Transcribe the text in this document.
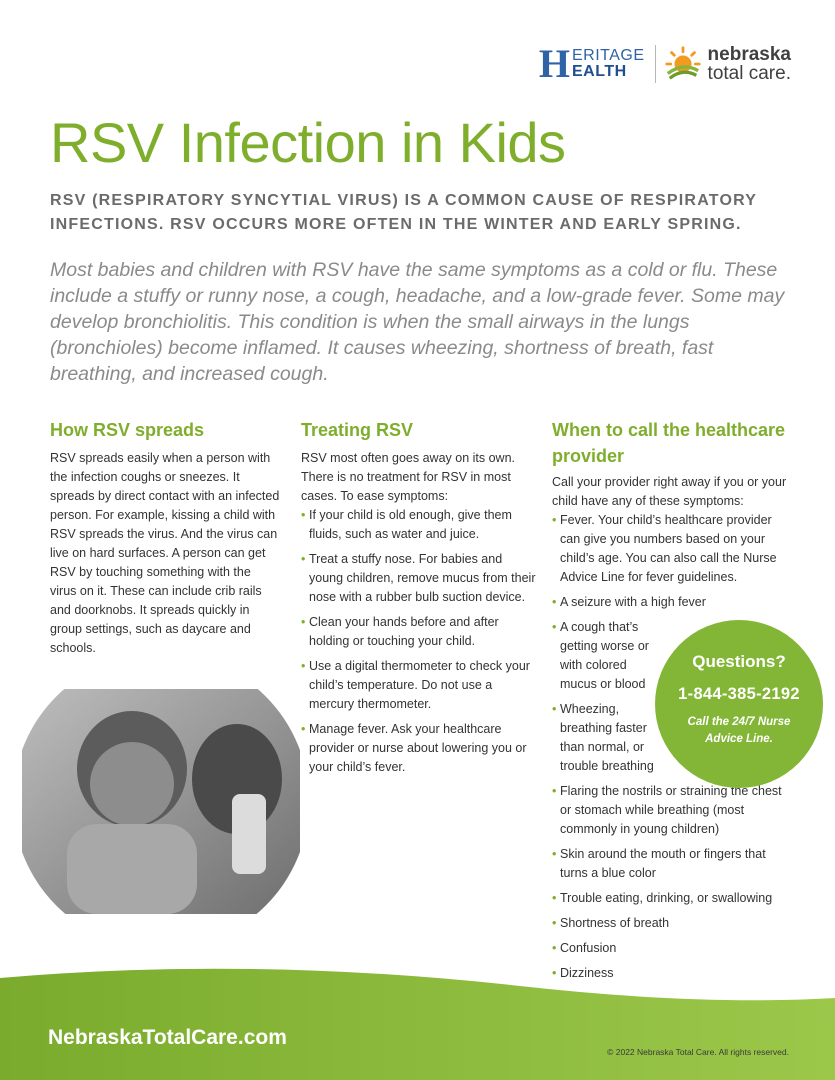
H ERITAGE
EALTH
nebraska
total care.
RSV Infection in Kids

RSV (RESPIRATORY SYNCYTIAL VIRUS) IS A COMMON CAUSE OF RESPIRATORY INFECTIONS. RSV OCCURS MORE OFTEN IN THE WINTER AND EARLY SPRING.

Most babies and children with RSV have the same symptoms as a cold or flu. These include a stuffy or runny nose, a cough, headache, and a low-grade fever. Some may develop bronchiolitis. This condition is when the small airways in the lungs (bronchioles) become inflamed. It causes wheezing, shortness of breath, fast breathing, and increased cough.

How RSV spreads

RSV spreads easily when a person with the infection coughs or sneezes. It spreads by direct contact with an infected person. For example, kissing a child with RSV spreads the virus. And the virus can live on hard surfaces. A person can get RSV by touching something with the virus on it. These can include crib rails and doorknobs. It spreads quickly in group settings, such as daycare and schools.

Treating RSV

RSV most often goes away on its own. There is no treatment for RSV in most cases. To ease symptoms:

• If your child is old enough, give them fluids, such as water and juice.
• Treat a stuffy nose. For babies and young children, remove mucus from their nose with a rubber bulb suction device.
• Clean your hands before and after holding or touching your child.
• Use a digital thermometer to check your child’s temperature. Do not use a mercury thermometer.
• Manage fever. Ask your healthcare provider or nurse about lowering you or your child’s fever.
When to call the healthcare provider

Call your provider right away if you or your child have any of these symptoms:

• Fever. Your child’s healthcare provider can give you numbers based on your child’s age. You can also call the Nurse Advice Line for fever guidelines.
• A seizure with a high fever
• A cough that’s getting worse or with colored mucus or blood
• Wheezing, breathing faster than normal, or trouble breathing
• Flaring the nostrils or straining the chest or stomach while breathing (most commonly in young children)
• Skin around the mouth or fingers that turns a blue color
• Trouble eating, drinking, or swallowing
• Shortness of breath
• Confusion
• Dizziness
Questions?
1-844-385-2192
Call the 24/7 Nurse Advice Line.
NebraskaTotalCare.com
© 2022 Nebraska Total Care. All rights reserved.
